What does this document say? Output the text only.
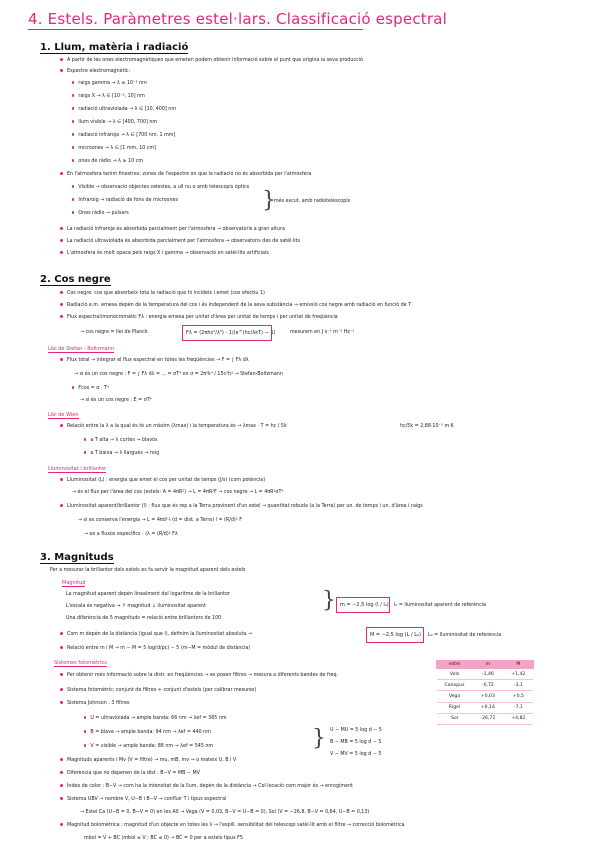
4. Estels. Paràmetres estel·lars. Classificació espectral
1. Llum, matèria i radiació
A partir de les ones electromagnètiques que emeten podem obtenir informació sobre el punt que origina la seva producció
Espectre electromagnètic:
raigs gamma → λ ≤ 10⁻² nm
raigs X → λ ∈ [10⁻², 10] nm
radiació ultraviolada → λ ∈ [10, 400] nm
llum visible → λ ∈ [400, 700] nm
radiació infraroja → λ ∈ [700 nm, 1 mm]
microones → λ ∈ [1 mm, 10 cm]
ones de ràdio → λ ≥ 10 cm
En l'atmosfera tenim finestres: zones de l'espectre on que la radiació no és absorbida per l'atmosfera
Visible → observació objectes celestes, a ull nu o amb telescopis òptics
Infraroig → radiació de fons de microones
Ones ràdio → púlsars
}
més escut, amb radiotelescopis
La radiació infraroja és absorbida parcialment per l'atmosfera → observatoris a gran altura
La radiació ultraviolada és absorbida parcialment per l'atmosfera → observatoris des de satèl·lits
L'atmosfera és molt opaca pels raigs X i gamma → observació en satèl·lits artificials
2. Cos negre
Cos negre: cos que absorbeix tota la radiació que hi incideix i emet (cos efectiu 1)
Radiació e.m. emesa depèn de la temperatura del cos i és independent de la seva substància → emissió cos negre amb radiació en funció de T
Flux espectral/monocromàtic Fλ : energia emesa per unitat d'àrea per unitat de temps i per unitat de freqüència
→ cos negre = llei de Planck	Fλ = (2πhc²/λ⁵) · 1/(e^(hc/λkT) − 1)	mesurem en J s⁻¹ m⁻² Hz⁻¹
Llei de Stefan - Boltzmann
Flux total → integrar el flux espectral en totes les freqüències → F = ∫ Fλ dλ
→ si és un cos negre : F = ∫ Fλ dλ = ... = σT⁴ on σ = 2π⁵k⁴ / 15c²h³ → Stefan-Boltzmann
Fcos = σ · T⁴
→ si és un cos negre : E = σT⁴
Llei de Wien
Relació entre la λ a la qual és té un màxim (λmax) i la temperatura és → λmax · T = hc / 5k	hc/5k = 2,88·10⁻³ m K
a T alta → λ curtes → blavós
a T baixa → λ llargues → roig
Lluminositat i brillantor
Lluminositat (L) : energia que emet el cos per unitat de temps (J/s) (com potència)
→ és el flux per l'àrea del cos (estels: A = 4πR²) → L = 4πR²F → cos negre → L = 4πR²σT⁴
Lluminositat aparent/brillantor (l) : flux que és rep a la Terra provinent d'un estel → quantitat rebuda (a la Terra) per un. de temps i un. d'àrea i raigs
→ si es conserva l'energia → L = 4πd²·l (d = dist. a Terra) l = (R/d)² F
→ ex a fluxos específics : (λ = (R/d)² Fλ
3. Magnituds
Per a mesurar la brillantor dels estels es fa servir la magnitud aparent dels estels
Magnitud
La magnitud aparent depèn linealment del logaritme de la brillantor
L'escala és negativa → ↑ magnitud ↓ lluminositat aparent
Una diferència de 5 magnituds = relació entre brillantors de 100
} m = −2,5 log (l / l₀) l₀ = lluminositat aparent de referència
Com m depèn de la distància (igual que l), definim la lluminositat absoluta →	M = −2,5 log (L / L₀) L₀ = lluminositat de referència
Relació entre m i M → m − M = 5 log(d/pc) − 5 (m−M = mòdul de distància)
Sistemes fotomètrics
Per obtenir més informació sobre la distr. en freqüències → es posen filtres → mesura a diferents bandes de freq.
Sistema fotomètric: conjunt de filtres + conjunt d'estels (per calibrar mesures)
Sistema Johnson : 3 filtres
U = ultraviolada → ample banda: 66 nm → λef = 365 nm
B = blava → ample banda: 94 nm → λef = 440 nm
V = visible → ample banda: 88 nm → λef = 545 nm
Magnituds aparents i Mv (V = filtre) → mu, mB, mv → o mateix U, B i V
Diferència que no depenen de la dist : B−V = MB − MV
Índex de color : B−V → com ha la intensitat de la llum, depèn de la distància → Col·locació com major és → enrogiment
Sistema UBV → nombre V, U−B i B−V → confluir T i tipus espectral
→ Estel Ca (U−B = 0, B−V = 0) en les A0 → Vega (V = 0,03, B−V = U−B = 0), Sol (V = −26,8, B−V = 0,64, U−B = 0,13)
Magnitud bolomètrica : magnitud d'un objecte en totes les λ → l'espill. sensibilitat del telescopi satèl·lit amb el filtre → correcció bolomètrica
mbol = V + BC (mbol ≤ V ; BC ≤ 0) → BC = 0 per a estels tipus F5
} U − MU = 5 log d − 5
B − MB = 5 log d − 5
V − MV = 5 log d − 5
estel	m	M
Vols	-1,46	+1,42
Canopus	-0,72	-3,1
Vega	+0,03	+0,5
Rigel	+0,14	-7,1
Sol	-26,72	+4,82
